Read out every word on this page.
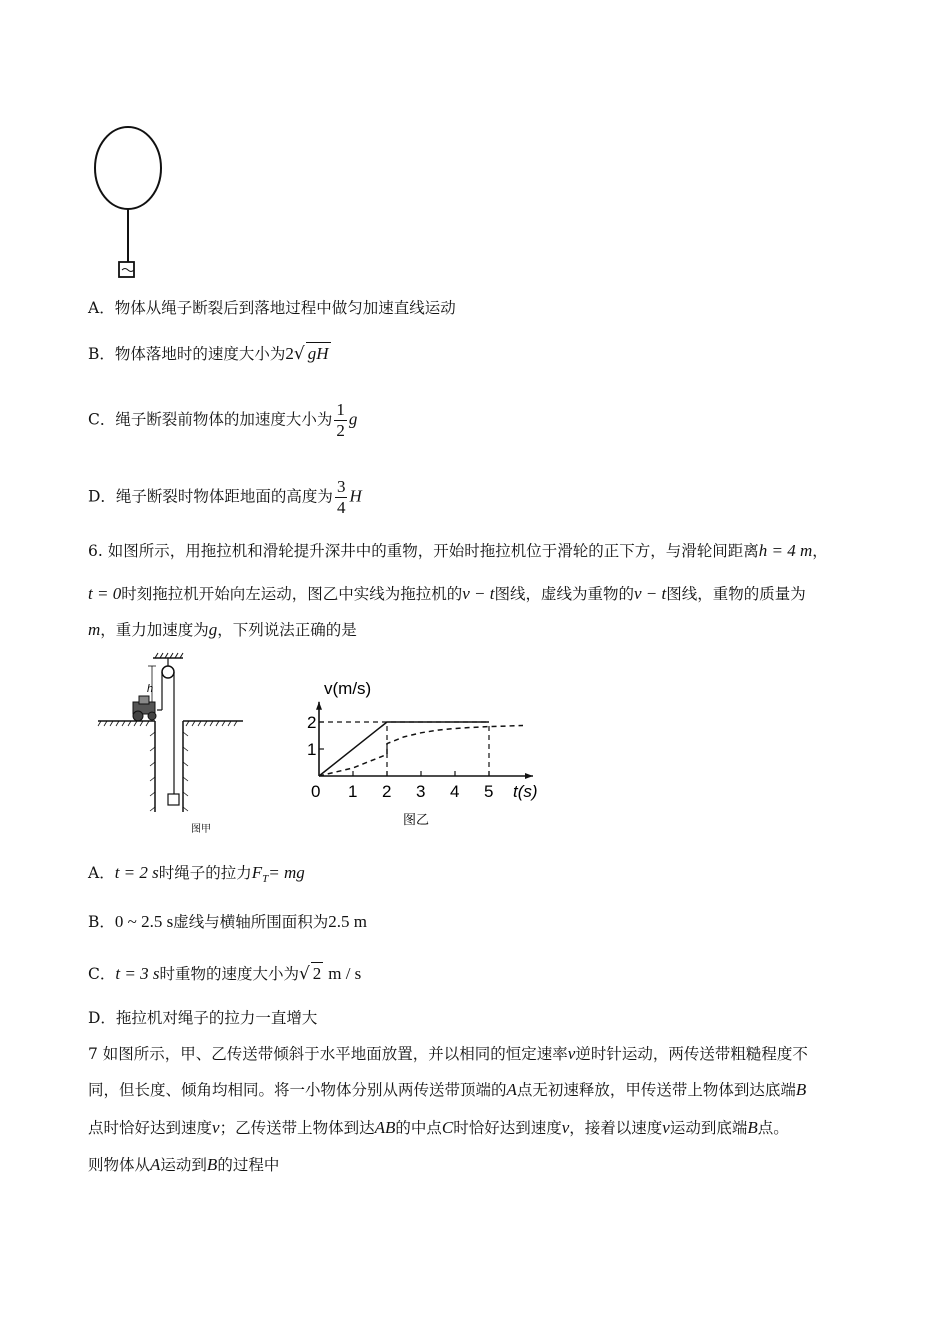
A．物体从绳子断裂后到落地过程中做匀加速直线运动
B．物体落地时的速度大小为2√ gH
C．绳子断裂前物体的加速度大小为 $\frac{1}{2}$ g
D．绳子断裂时物体距地面的高度为 $\frac{3}{4}$ H
6. 如图所示，用拖拉机和滑轮提升深井中的重物，开始时拖拉机位于滑轮的正下方，与滑轮间距离h = 4 m，
t = 0时刻拖拉机开始向左运动，图乙中实线为拖拉机的v − t图线，虚线为重物的v − t图线，重物的质量为
m，重力加速度为g，下列说法正确的是
h
图甲
0 1 2 3 4 5
1
2
v(m/s)
t(s)
图乙
A．t = 2 s时绳子的拉力$F_T=$ mg
B．0 ~ 2.5 s虚线与横轴所围面积为2.5 m
C．t = 3 s时重物的速度大小为√ 2 m / s
D．拖拉机对绳子的拉力一直增大
7 如图所示，甲、乙传送带倾斜于水平地面放置，并以相同的恒定速率v逆时针运动，两传送带粗糙程度不
同，但长度、倾角均相同。将一小物体分别从两传送带顶端的A点无初速释放，甲传送带上物体到达底端B
点时恰好达到速度v；乙传送带上物体到达AB的中点C时恰好达到速度v，接着以速度v运动到底端B点。
则物体从A运动到B的过程中
